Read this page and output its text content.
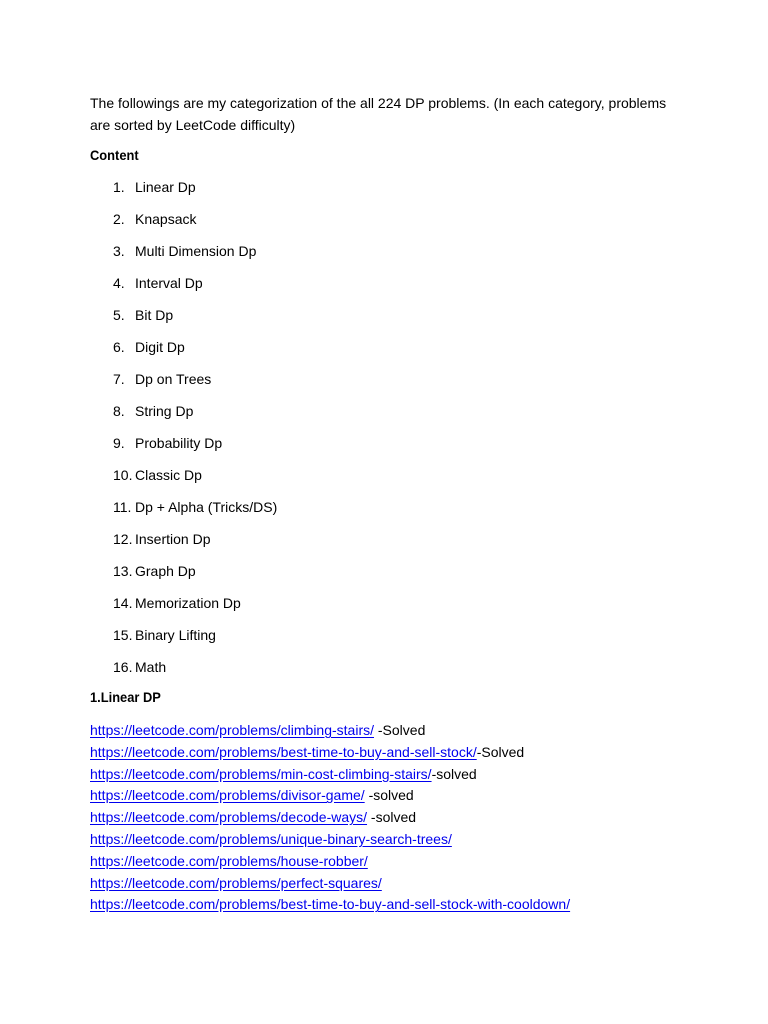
The followings are my categorization of the all 224 DP problems. (In each category, problems are sorted by LeetCode difficulty)

Content

1. Linear Dp
2. Knapsack
3. Multi Dimension Dp
4. Interval Dp
5. Bit Dp
6. Digit Dp
7. Dp on Trees
8. String Dp
9. Probability Dp
10. Classic Dp
11. Dp + Alpha (Tricks/DS)
12. Insertion Dp
13. Graph Dp
14. Memorization Dp
15. Binary Lifting
16. Math

1.Linear DP

https://leetcode.com/problems/climbing-stairs/ -Solved
https://leetcode.com/problems/best-time-to-buy-and-sell-stock/-Solved
https://leetcode.com/problems/min-cost-climbing-stairs/-solved
https://leetcode.com/problems/divisor-game/ -solved
https://leetcode.com/problems/decode-ways/ -solved
https://leetcode.com/problems/unique-binary-search-trees/
https://leetcode.com/problems/house-robber/
https://leetcode.com/problems/perfect-squares/
https://leetcode.com/problems/best-time-to-buy-and-sell-stock-with-cooldown/
